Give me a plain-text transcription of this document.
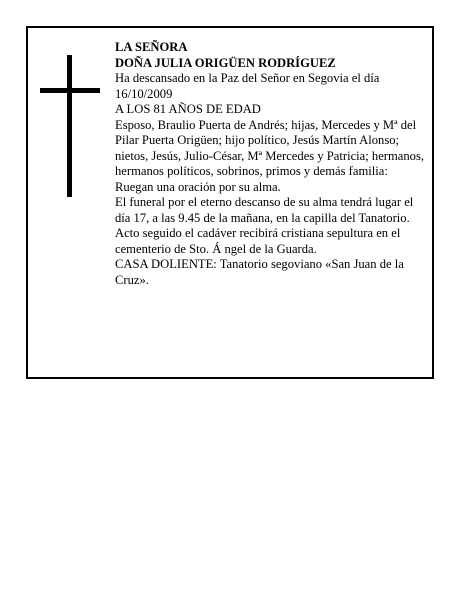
LA SEÑORA

DOÑA JULIA ORIGÜEN RODRÍGUEZ

Ha descansado en la Paz del Señor en Segovia el día 16/10/2009

A LOS 81 AÑOS DE EDAD

Esposo, Braulio Puerta de Andrés; hijas, Mercedes y Mª del Pilar Puerta Origüen; hijo político, Jesús Martín Alonso; nietos, Jesús, Julio-César, Mª Mercedes y Patricia; hermanos, hermanos políticos, sobrinos, primos y demás familia:

Ruegan una oración por su alma.

El funeral por el eterno descanso de su alma tendrá lugar el día 17, a las 9.45 de la mañana, en la capilla del Tanatorio. Acto seguido el cadáver recibirá cristiana sepultura en el cementerio de Sto. Á ngel de la Guarda.

CASA DOLIENTE: Tanatorio segoviano «San Juan de la Cruz».
